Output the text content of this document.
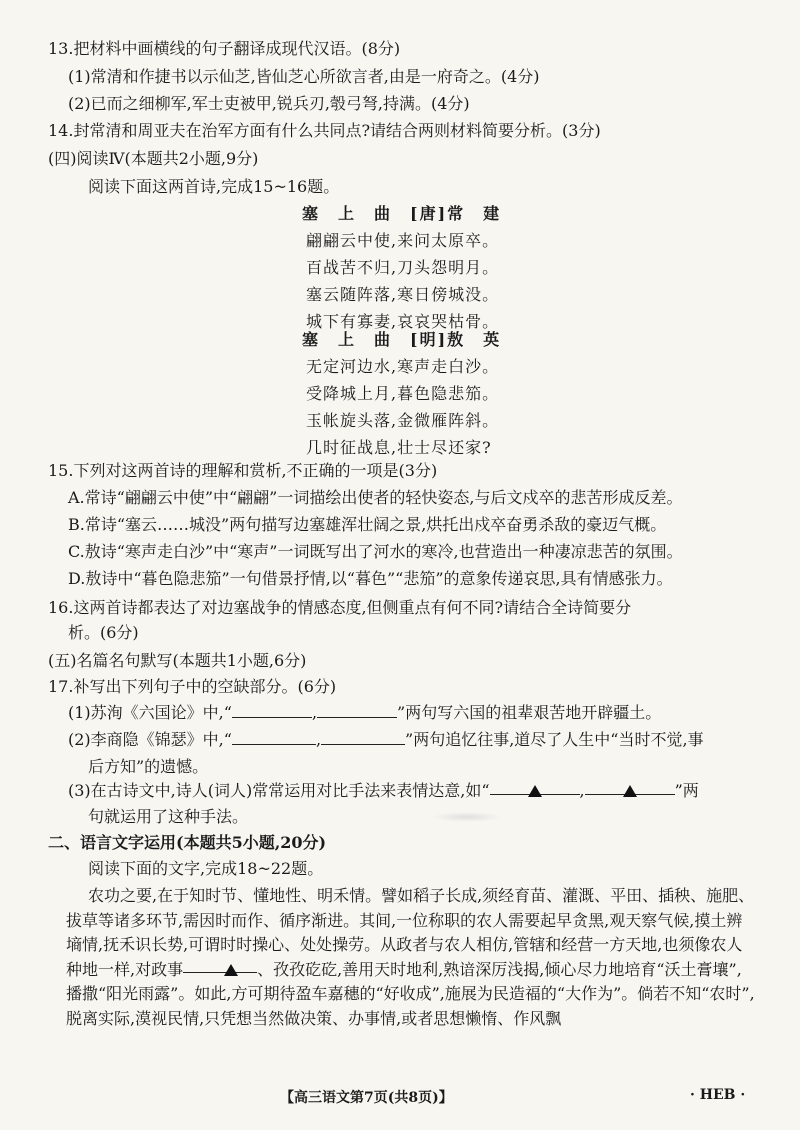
13.把材料中画横线的句子翻译成现代汉语。(8分)
(1)常清和作捷书以示仙芝,皆仙芝心所欲言者,由是一府奇之。(4分)
(2)已而之细柳军,军士吏被甲,锐兵刃,彀弓弩,持满。(4分)
14.封常清和周亚夫在治军方面有什么共同点?请结合两则材料简要分析。(3分)
(四)阅读Ⅳ(本题共2小题,9分)
阅读下面这两首诗,完成15~16题。
塞　上　曲　[唐]常　建
翩翩云中使,来问太原卒。
百战苦不归,刀头怨明月。
塞云随阵落,寒日傍城没。
城下有寡妻,哀哀哭枯骨。
塞　上　曲　[明]敖　英
无定河边水,寒声走白沙。
受降城上月,暮色隐悲笳。
玉帐旋头落,金微雁阵斜。
几时征战息,壮士尽还家?
15.下列对这两首诗的理解和赏析,不正确的一项是(3分)
A.常诗“翩翩云中使”中“翩翩”一词描绘出使者的轻快姿态,与后文戍卒的悲苦形成反差。
B.常诗“塞云……城没”两句描写边塞雄浑壮阔之景,烘托出戍卒奋勇杀敌的豪迈气概。
C.敖诗“寒声走白沙”中“寒声”一词既写出了河水的寒冷,也营造出一种凄凉悲苦的氛围。
D.敖诗中“暮色隐悲笳”一句借景抒情,以“暮色”“悲笳”的意象传递哀思,具有情感张力。
16.这两首诗都表达了对边塞战争的情感态度,但侧重点有何不同?请结合全诗简要分
析。(6分)
(五)名篇名句默写(本题共1小题,6分)
17.补写出下列句子中的空缺部分。(6分)
(1)苏洵《六国论》中,“	,	”两句写六国的祖辈艰苦地开辟疆土。
(2)李商隐《锦瑟》中,“	,	”两句追忆往事,道尽了人生中“当时不觉,事
后方知”的遗憾。
(3)在古诗文中,诗人(词人)常常运用对比手法来表情达意,如“	,	”两
句就运用了这种手法。
二、语言文字运用(本题共5小题,20分)
阅读下面的文字,完成18~22题。
农功之要,在于知时节、懂地性、明禾情。譬如稻子长成,须经育苗、灌溉、平田、插秧、施肥、拔草等诸多环节,需因时而作、循序渐进。其间,一位称职的农人需要起早贪黑,观天察气候,摸土辨墒情,抚禾识长势,可谓时时操心、处处操劳。从政者与农人相仿,管辖和经营一方天地,也须像农人种地一样,对政事	、孜孜矻矻,善用天时地利,熟谙深厉浅揭,倾心尽力地培育“沃土膏壤”,播撒“阳光雨露”。如此,方可期待盈车嘉穗的“好收成”,施展为民造福的“大作为”。倘若不知“农时”,脱离实际,漠视民情,只凭想当然做决策、办事情,或者思想懒惰、作风飘
【高三语文第7页(共8页)】	· HEB ·
